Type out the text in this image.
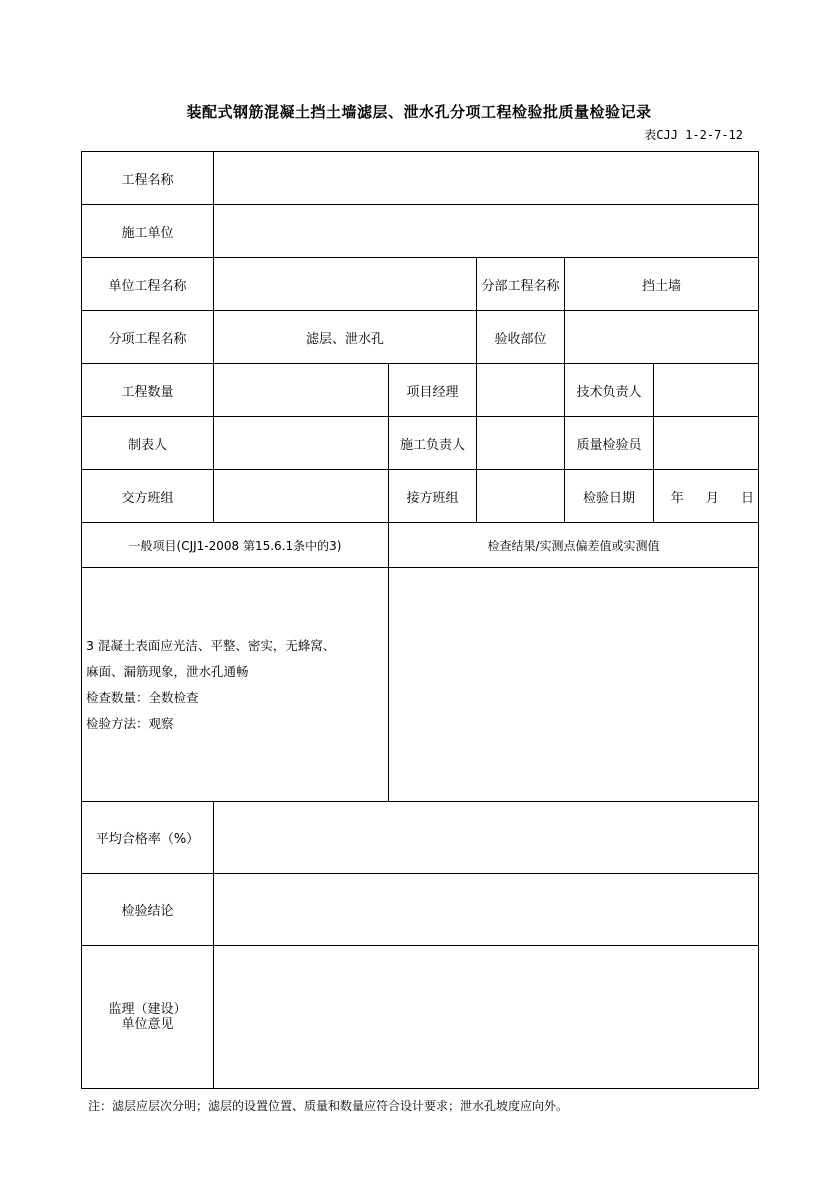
装配式钢筋混凝土挡土墙滤层、泄水孔分项工程检验批质量检验记录
表CJJ 1-2-7-12
工程名称					
施工单位					
单位工程名称			分部工程名称	挡土墙	
分项工程名称	滤层、泄水孔		验收部位		
工程数量		项目经理		技术负责人	
制表人		施工负责人		质量检验员	
交方班组		接方班组		检验日期	年 月 日
一般项目(CJJ1-2008 第15.6.1条中的3)		检查结果/实测点偏差值或实测值			

3 混凝土表面应光洁、平整、密实，无蜂窝、
麻面、漏筋现象，泄水孔通畅
检查数量：全数检查
检验方法：观察					

平均合格率（%）					
检验结论					

监理（建设）
单位意见					

注：滤层应层次分明；滤层的设置位置、质量和数量应符合设计要求；泄水孔坡度应向外。
